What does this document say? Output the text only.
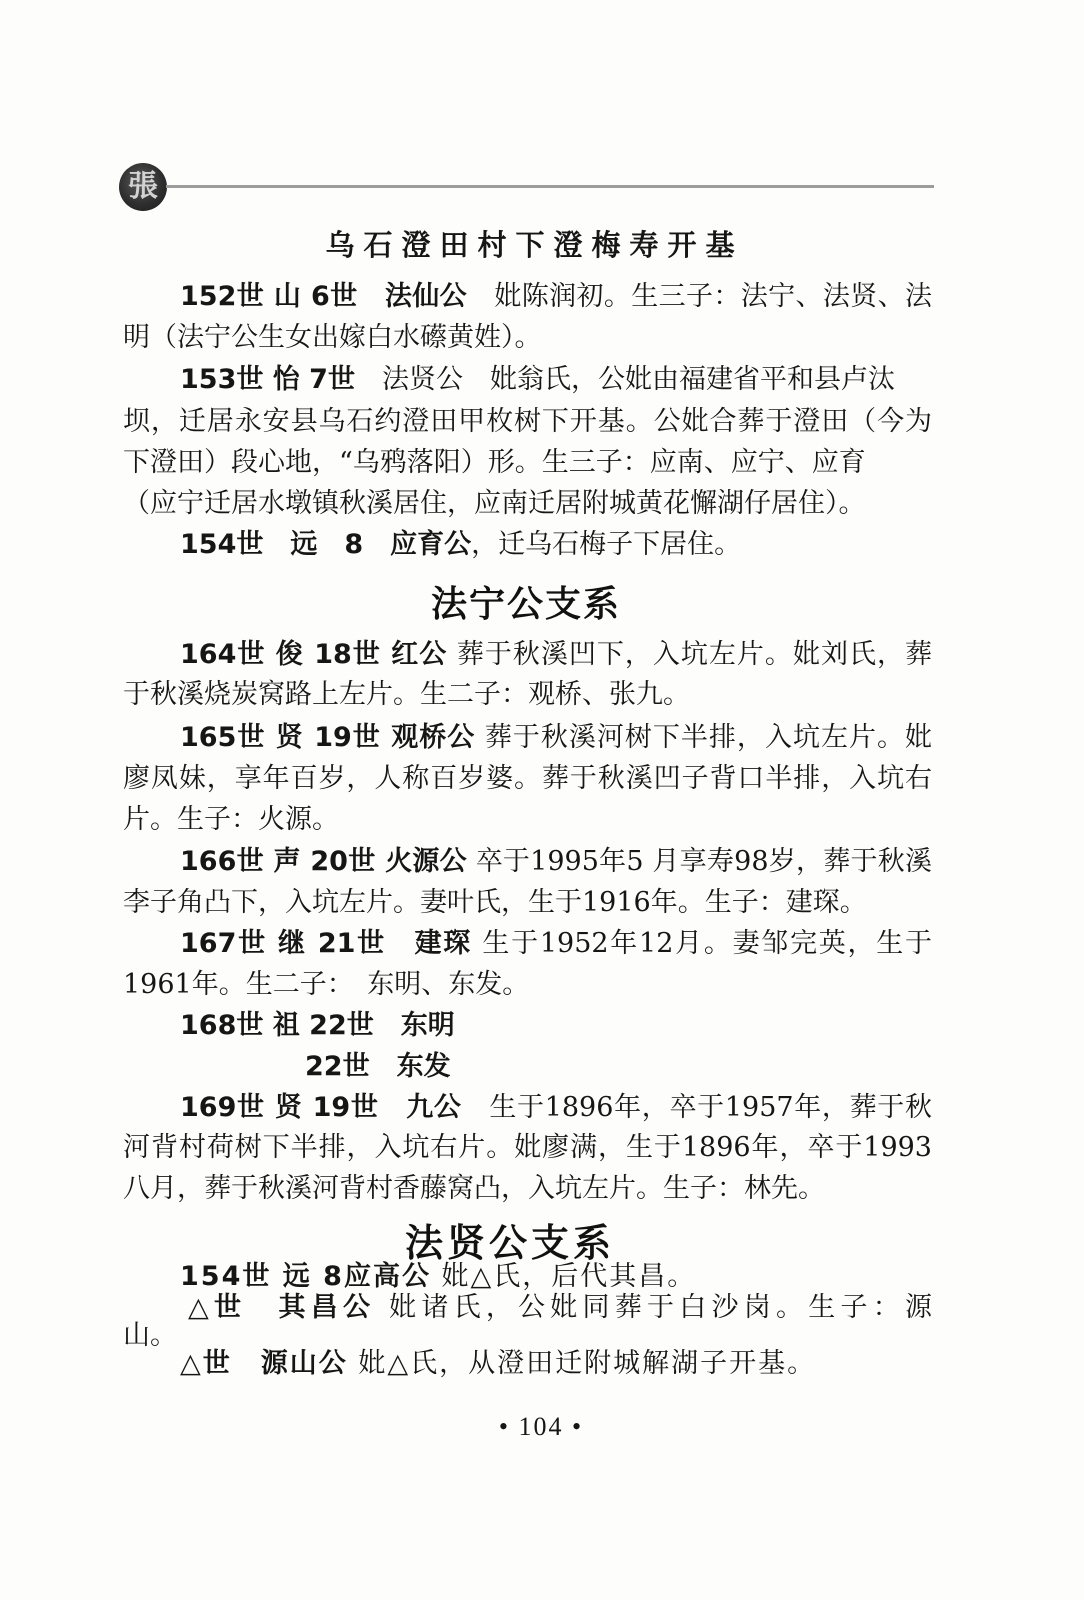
張
乌石澄田村下澄梅寿开基
152世 山 6世　法仙公　妣陈润初。生三子：法宁、法贤、法
明（法宁公生女出嫁白水礤黄姓）。
153世 怡 7世　法贤公　妣翁氏，公妣由福建省平和县卢汰
坝，迁居永安县乌石约澄田甲枚树下开基。公妣合葬于澄田（今为
下澄田）段心地，“乌鸦落阳）形。生三子：应南、应宁、应育
（应宁迁居水墩镇秋溪居住，应南迁居附城黄花懈湖仔居住）。
154世　远　8　应育公，迁乌石梅子下居住。
法宁公支系
164世 俊 18世 红公 葬于秋溪凹下，入坑左片。妣刘氏，葬
于秋溪烧炭窝路上左片。生二子：观桥、张九。
165世 贤 19世 观桥公 葬于秋溪河树下半排，入坑左片。妣
廖凤妹，享年百岁，人称百岁婆。葬于秋溪凹子背口半排，入坑右
片。生子：火源。
166世 声 20世 火源公 卒于1995年5 月享寿98岁，葬于秋溪
李子角凸下，入坑左片。妻叶氏，生于1916年。生子：建琛。
167世 继 21世　建琛 生于1952年12月。妻邹完英，生于
1961年。生二子：　东明、东发。
168世 祖 22世　东明
22世　东发
169世 贤 19世　九公　生于1896年，卒于1957年，葬于秋
河背村荷树下半排，入坑右片。妣廖满，生于1896年，卒于1993
八月，葬于秋溪河背村香藤窝凸，入坑左片。生子：林先。
法贤公支系
154世 远 8应高公 妣△氏，后代其昌。
△世　其昌公 妣诸氏，公妣同葬于白沙岗。生子：源
山。
△世　源山公 妣△氏，从澄田迁附城解湖子开基。
• 104 •
